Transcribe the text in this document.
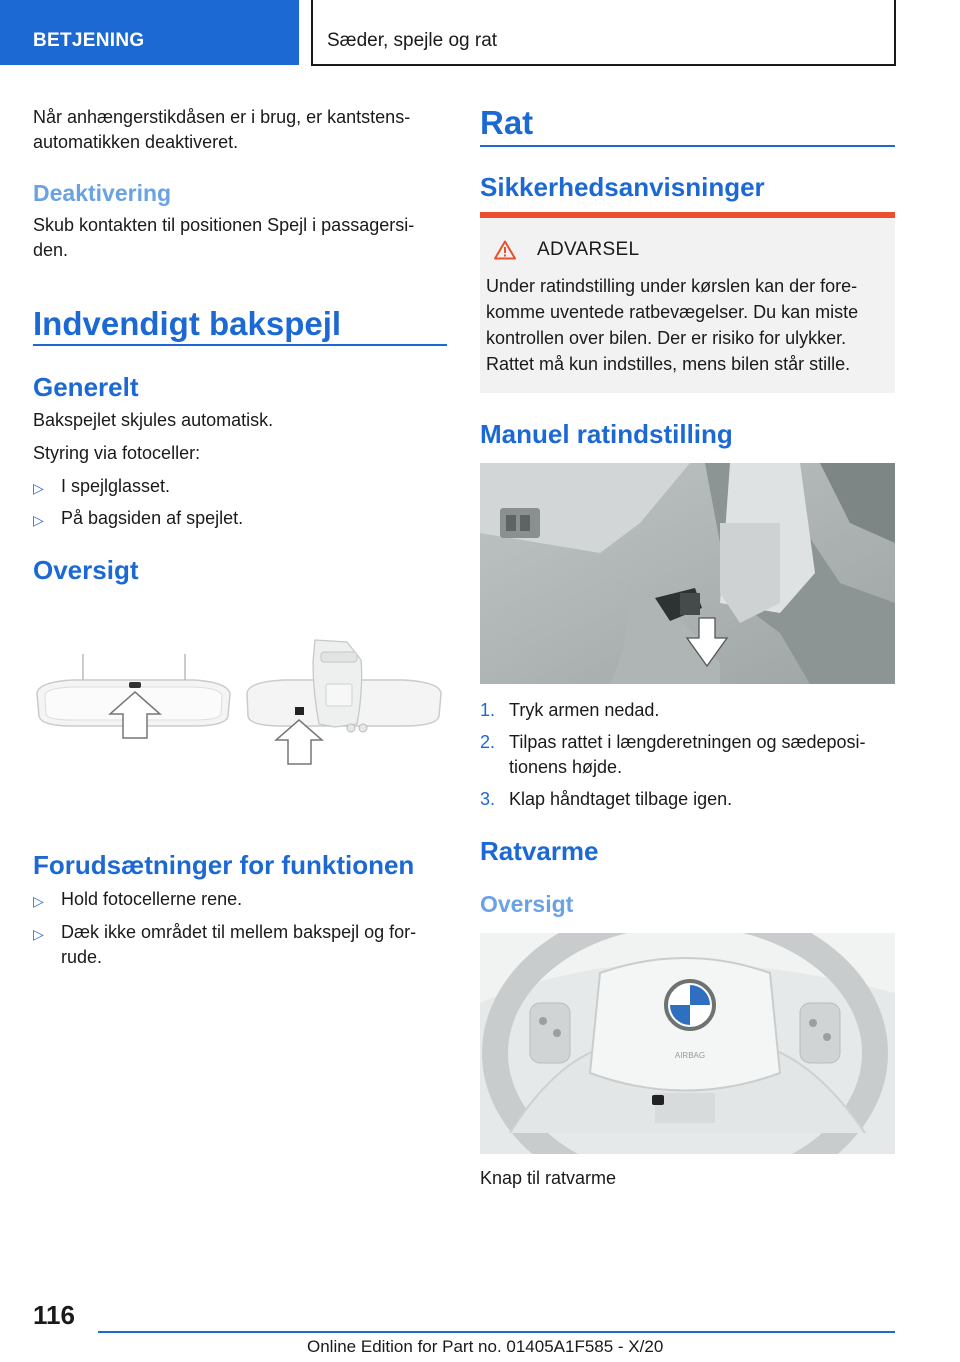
BETJENING	Sæder, spejle og rat

Når anhængerstikdåsen er i brug, er kantstens-
automatikken deaktiveret.

Deaktivering

Skub kontakten til positionen Spejl i passagersi-
den.

Indvendigt bakspejl
Generelt

Bakspejlet skjules automatisk.

Styring via fotoceller:

▷ I spejlglasset.
▷ På bagsiden af spejlet.
Oversigt
Forudsætninger for funktionen
▷ Hold fotocellerne rene.
▷ Dæk ikke området til mellem bakspejl og for-
rude.
Rat
Sikkerhedsanvisninger
ADVARSEL
Under ratindstilling under kørslen kan der fore-
komme uventede ratbevægelser. Du kan miste
kontrollen over bilen. Der er risiko for ulykker.
Rattet må kun indstilles, mens bilen står stille.
Manuel ratindstilling
1. Tryk armen nedad.
2. Tilpas rattet i længderetningen og sædeposi-
tionens højde.
3. Klap håndtaget tilbage igen.
Ratvarme
Oversigt
AIRBAG

Knap til ratvarme

116
Online Edition for Part no. 01405A1F585 - X/20
